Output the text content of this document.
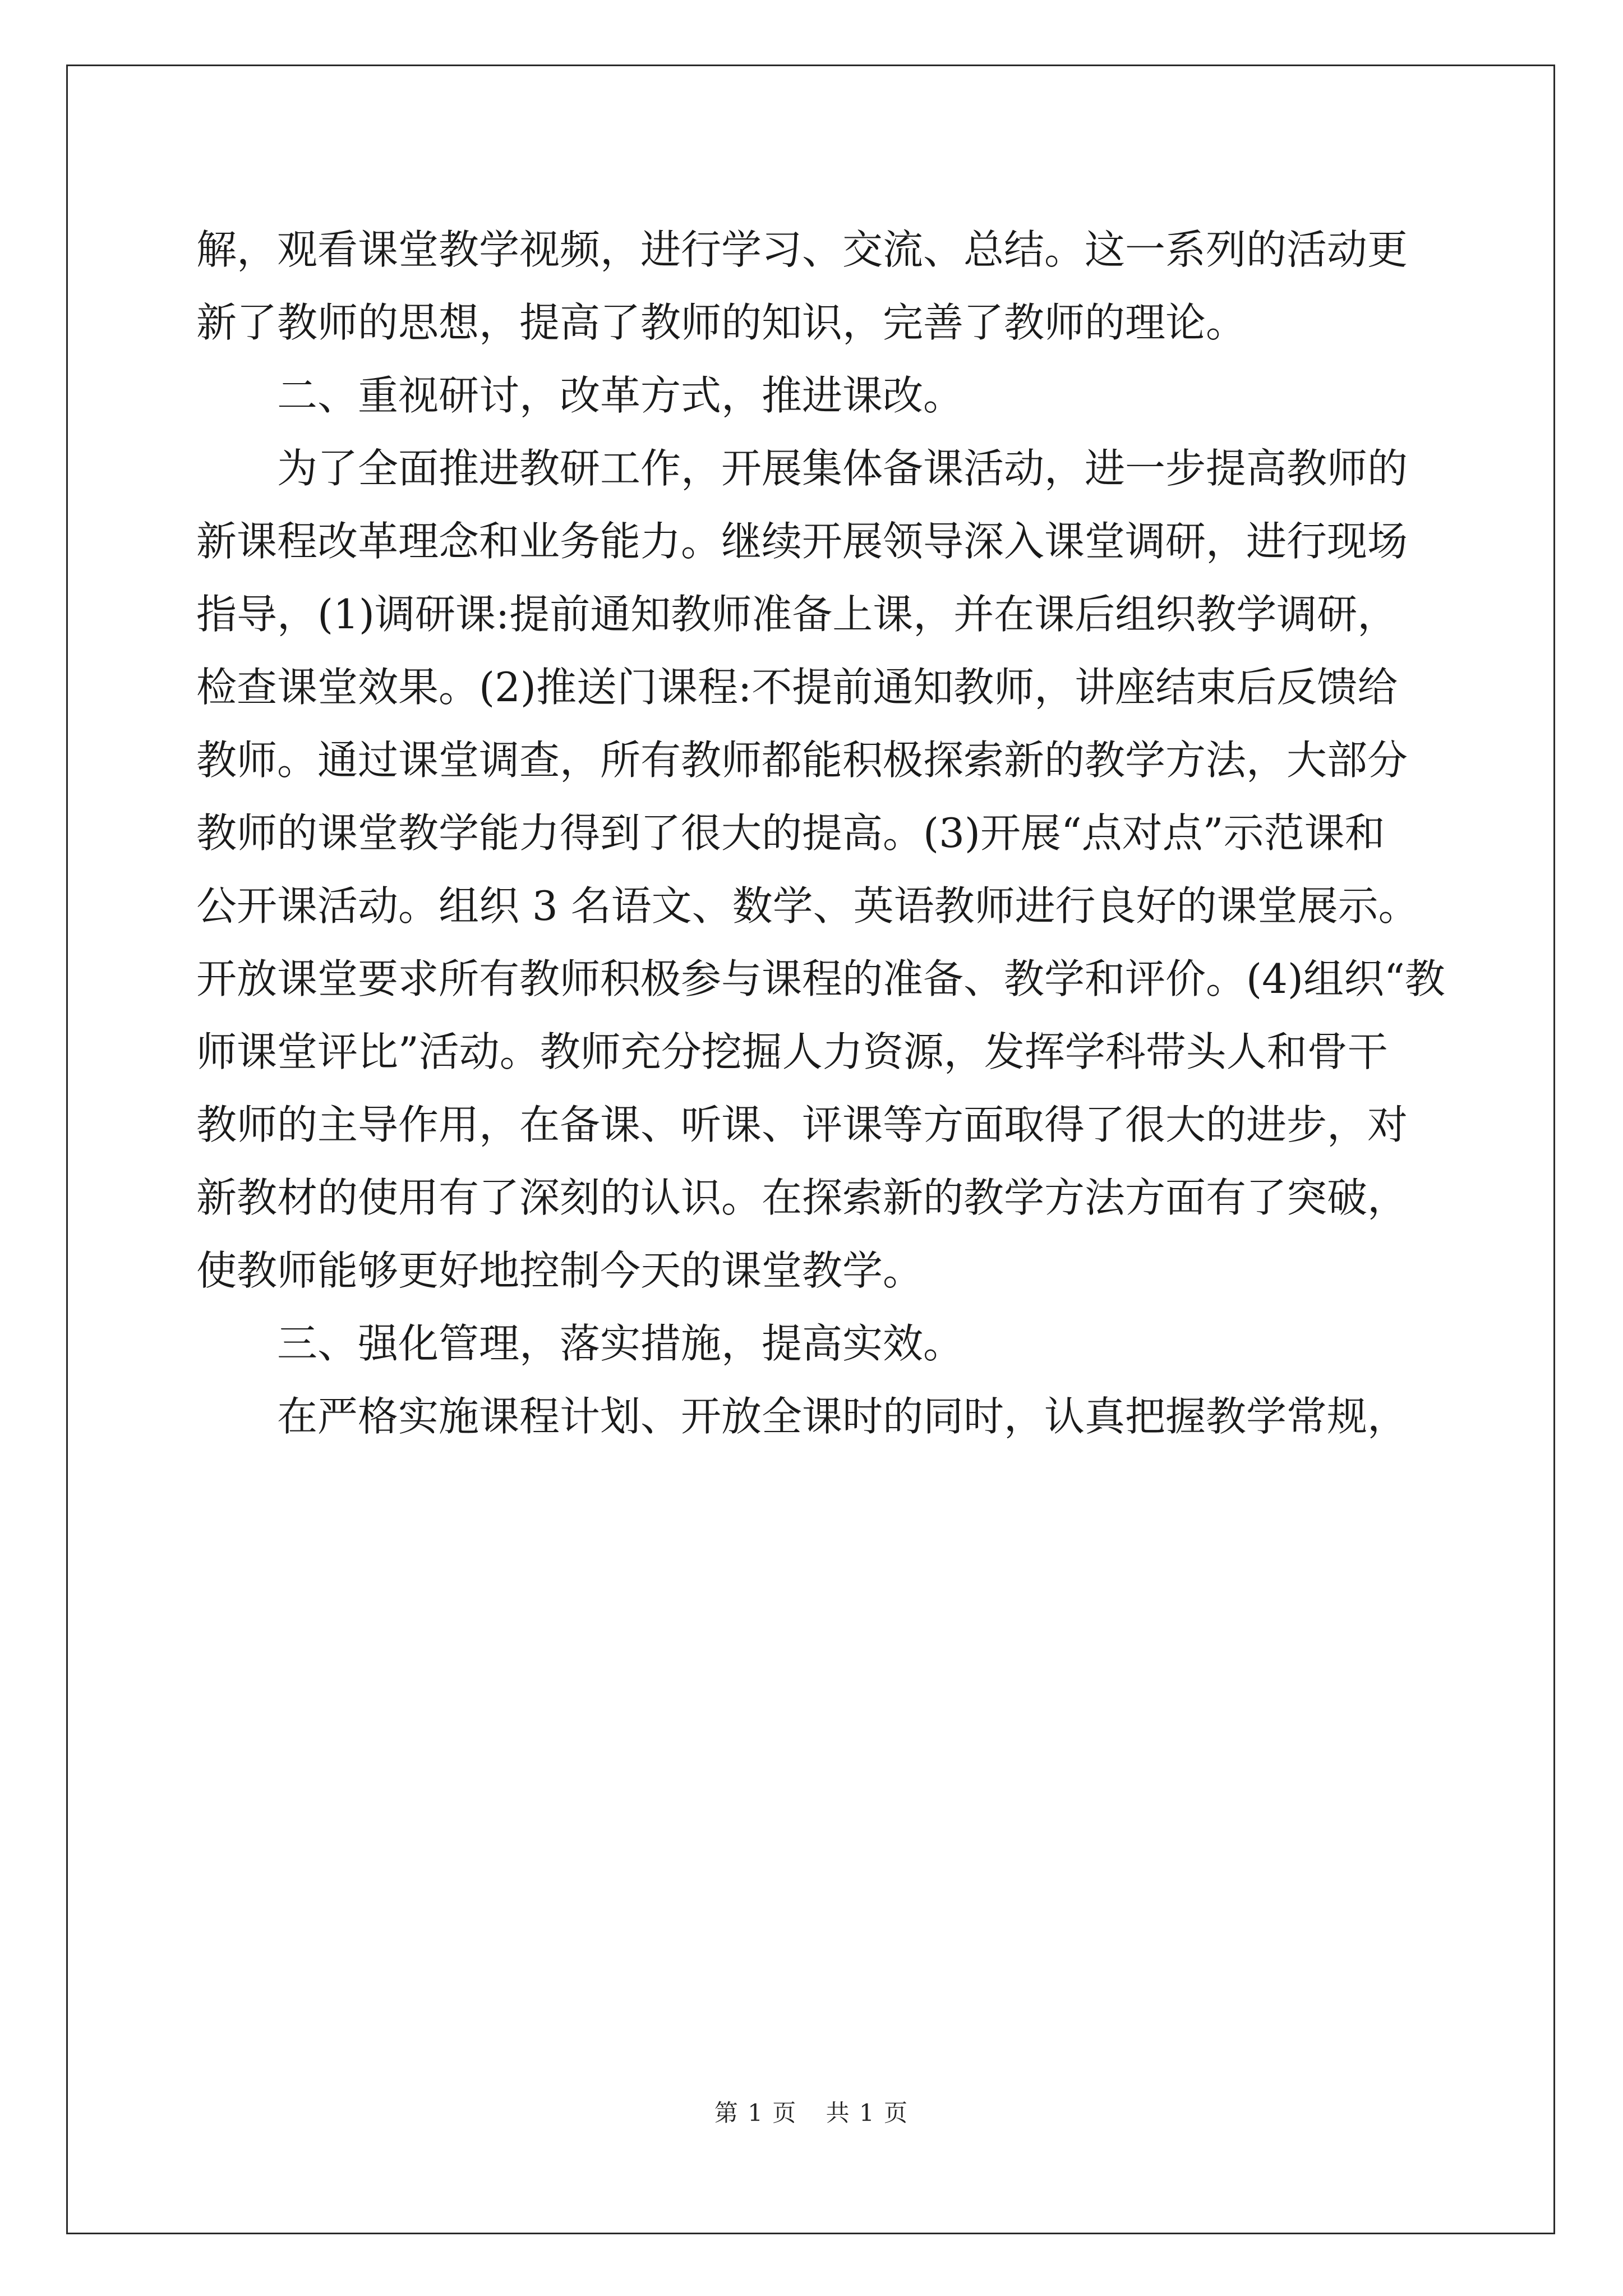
解，观看课堂教学视频，进行学习、交流、总结。这一系列的活动更
新了教师的思想，提高了教师的知识，完善了教师的理论。
二、重视研讨，改革方式，推进课改。
为了全面推进教研工作，开展集体备课活动，进一步提高教师的
新课程改革理念和业务能力。继续开展领导深入课堂调研，进行现场
指导，(1)调研课:提前通知教师准备上课，并在课后组织教学调研，
检查课堂效果。(2)推送门课程:不提前通知教师，讲座结束后反馈给
教师。通过课堂调查，所有教师都能积极探索新的教学方法，大部分
教师的课堂教学能力得到了很大的提高。(3)开展“点对点”示范课和
公开课活动。组织 3 名语文、数学、英语教师进行良好的课堂展示。
开放课堂要求所有教师积极参与课程的准备、教学和评价。(4)组织“教
师课堂评比”活动。教师充分挖掘人力资源，发挥学科带头人和骨干
教师的主导作用，在备课、听课、评课等方面取得了很大的进步，对
新教材的使用有了深刻的认识。在探索新的教学方法方面有了突破，
使教师能够更好地控制今天的课堂教学。
三、强化管理，落实措施，提高实效。
在严格实施课程计划、开放全课时的同时，认真把握教学常规，
第 1 页 共 1 页
